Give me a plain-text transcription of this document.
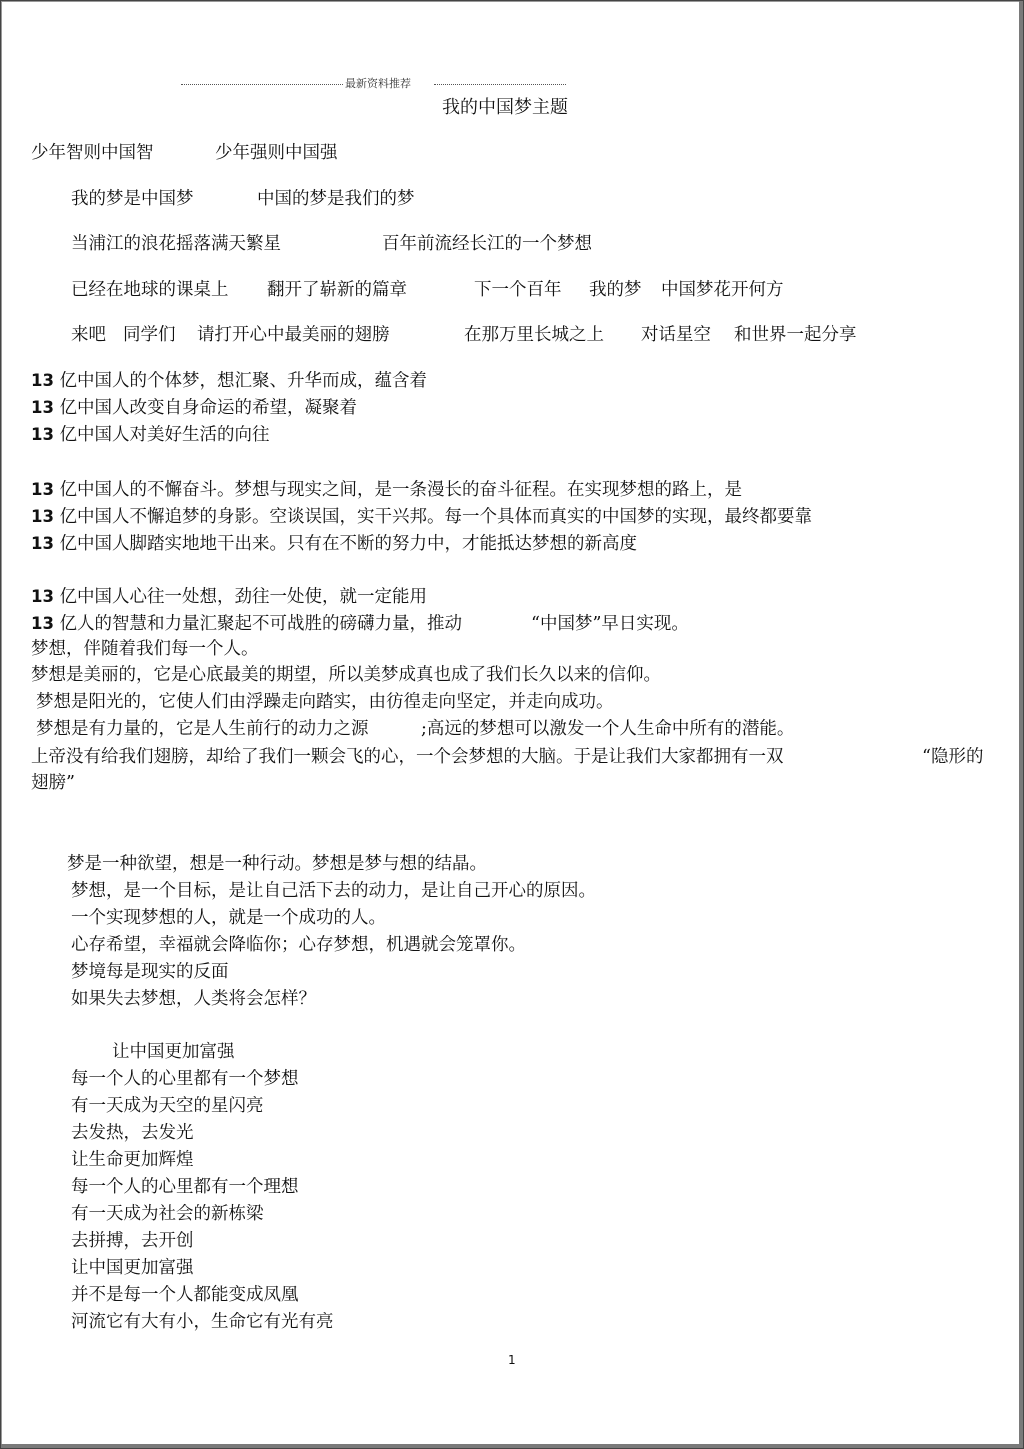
最新资料推荐
我的中国梦主题
少年智则中国智	少年强则中国强
我的梦是中国梦	中国的梦是我们的梦
当浦江的浪花摇落满天繁星	百年前流经长江的一个梦想
已经在地球的课桌上 翻开了崭新的篇章	下一个百年 我的梦 中国梦花开何方
来吧 同学们 请打开心中最美丽的翅膀	在那万里长城之上 对话星空 和世界一起分享
13 亿中国人的个体梦，想汇聚、升华而成，蕴含着
13 亿中国人改变自身命运的希望，凝聚着
13 亿中国人对美好生活的向往
13 亿中国人的不懈奋斗。梦想与现实之间，是一条漫长的奋斗征程。在实现梦想的路上，是
13 亿中国人不懈追梦的身影。空谈误国，实干兴邦。每一个具体而真实的中国梦的实现，最终都要靠
13 亿中国人脚踏实地地干出来。只有在不断的努力中，才能抵达梦想的新高度
13 亿中国人心往一处想，劲往一处使，就一定能用
13 亿人的智慧和力量汇聚起不可战胜的磅礴力量，推动	“中国梦”早日实现。
梦想，伴随着我们每一个人。
梦想是美丽的，它是心底最美的期望，所以美梦成真也成了我们长久以来的信仰。
梦想是阳光的，它使人们由浮躁走向踏实，由彷徨走向坚定，并走向成功。
梦想是有力量的，它是人生前行的动力之源	;高远的梦想可以激发一个人生命中所有的潜能。
上帝没有给我们翅膀，却给了我们一颗会飞的心，一个会梦想的大脑。于是让我们大家都拥有一双	“隐形的
翅膀”
梦是一种欲望，想是一种行动。梦想是梦与想的结晶。
梦想，是一个目标，是让自己活下去的动力，是让自己开心的原因。
一个实现梦想的人，就是一个成功的人。
心存希望，幸福就会降临你；心存梦想，机遇就会笼罩你。
梦境每是现实的反面
如果失去梦想，人类将会怎样？
让中国更加富强
每一个人的心里都有一个梦想
有一天成为天空的星闪亮
去发热，去发光
让生命更加辉煌
每一个人的心里都有一个理想
有一天成为社会的新栋梁
去拼搏，去开创
让中国更加富强
并不是每一个人都能变成凤凰
河流它有大有小，生命它有光有亮
1
